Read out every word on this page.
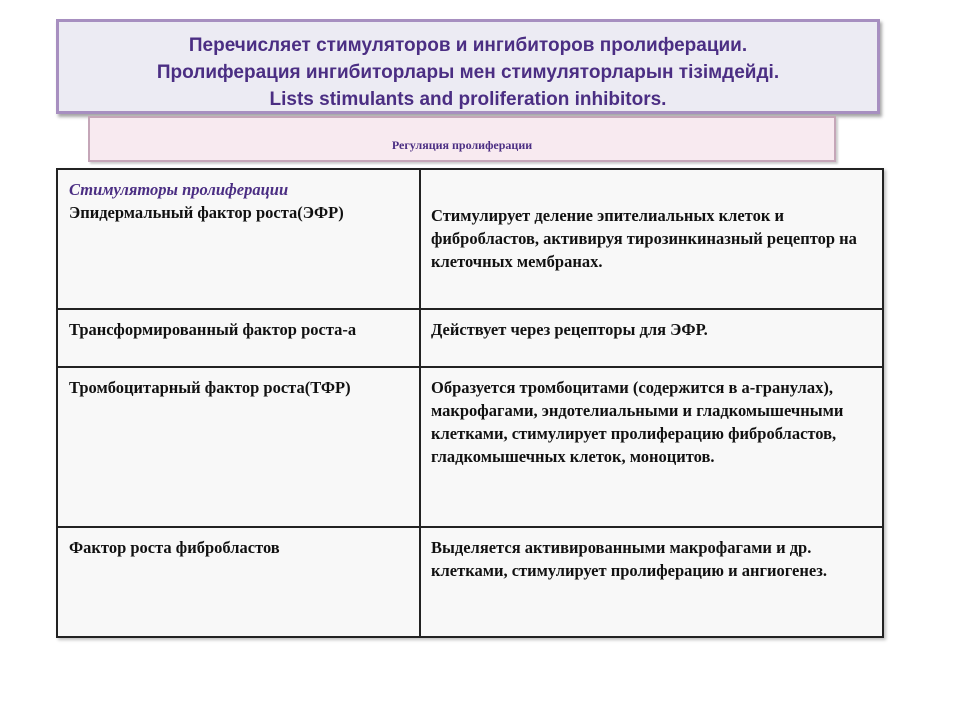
Перечисляет стимуляторов и ингибиторов пролиферации.
Пролиферация ингибиторлары мен стимуляторларын тізімдейді.
Lists stimulants and proliferation inhibitors.
Регуляция пролиферации
Стимуляторы пролиферации
Эпидермальный фактор роста(ЭФР)	Стимулирует деление эпителиальных клеток и фибробластов, активируя тирозинкиназный рецептор на клеточных мембранах.

Трансформированный фактор роста-а	Действует через рецепторы для ЭФР.

Тромбоцитарный фактор роста(ТФР)	Образуется тромбоцитами (содержится в а-гранулах), макрофагами, эндотелиальными и гладкомышечными клетками, стимулирует пролиферацию фибробластов, гладкомышечных клеток, моноцитов.

Фактор роста фибробластов	Выделяется активированными макрофагами и др. клетками, стимулирует пролиферацию и ангиогенез.
